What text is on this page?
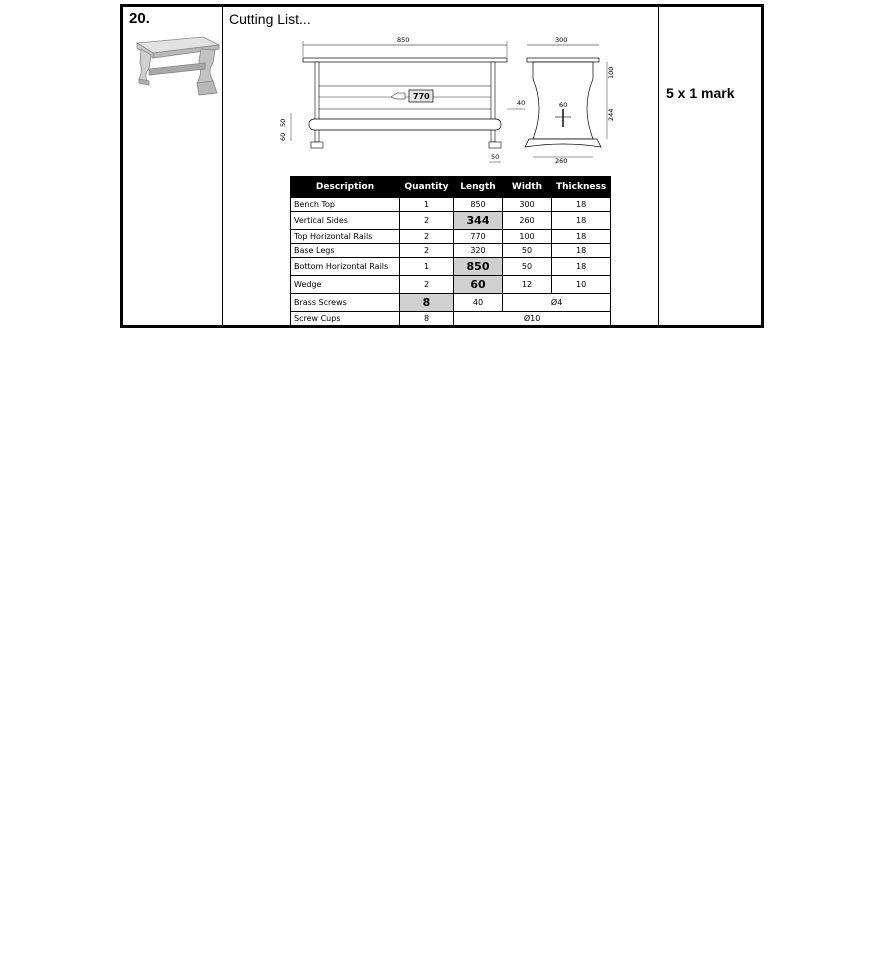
20.	Cutting List...
850
770
40
60
50
50
300
60
100
244
260
Description	Quantity	Length	Width	Thickness
Bench Top	1	850	300	18
Vertical Sides	2	344	260	18
Top Horizontal Rails	2	770	100	18
Base Legs	2	320	50	18
Bottom Horizontal Rails	1	850	50	18
Wedge	2	60	12	10
Brass Screws	8	40	Ø4	
Screw Cups	8	Ø10		
5 x 1 mark
